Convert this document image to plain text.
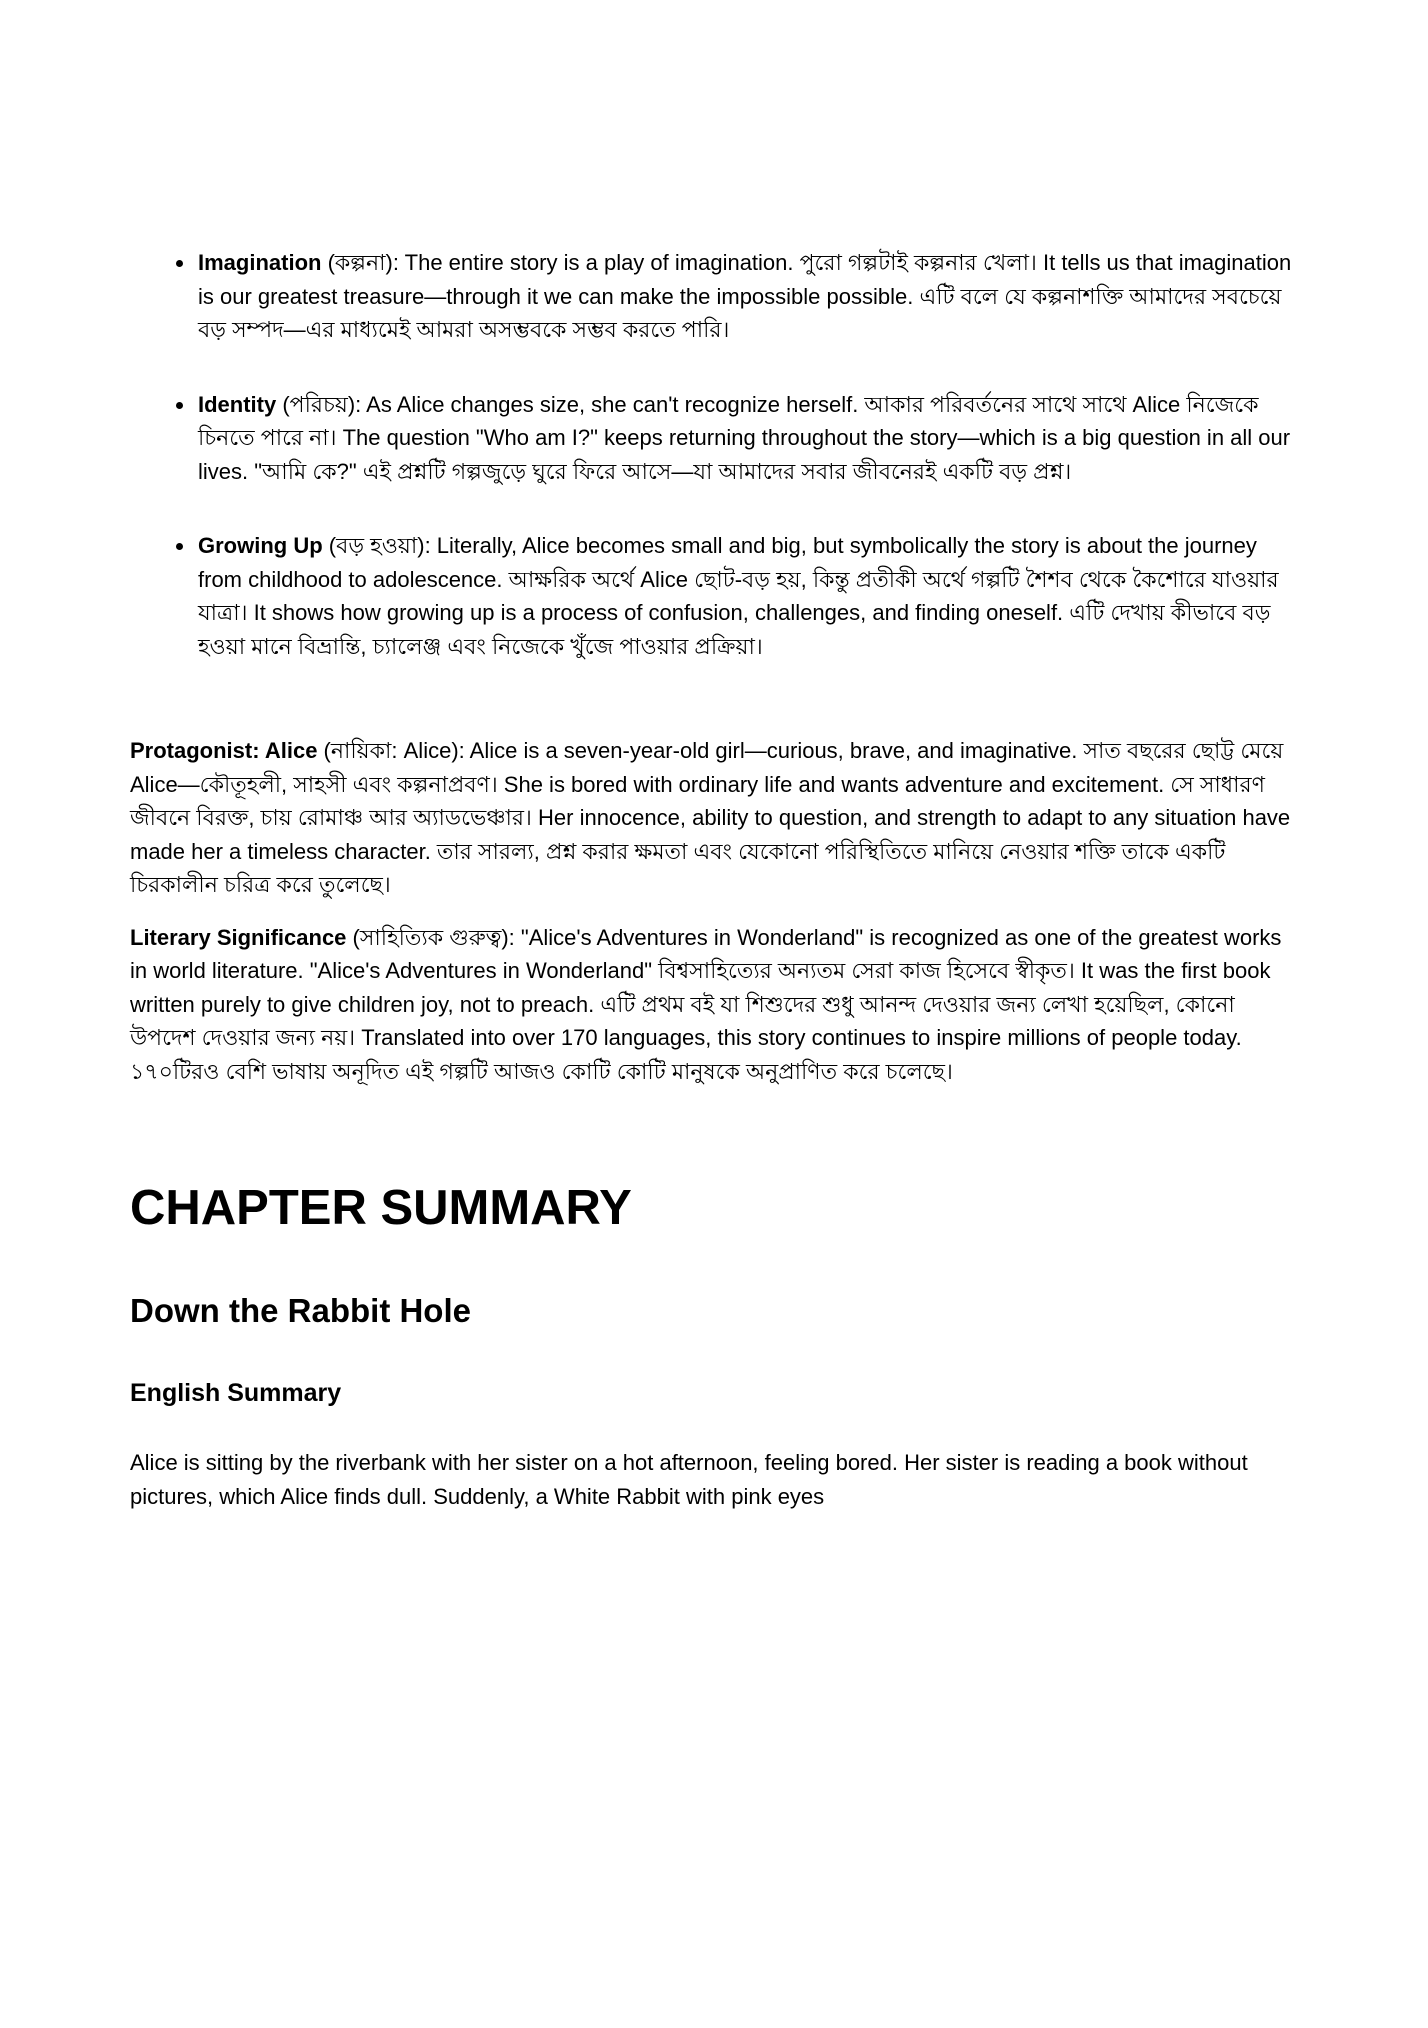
• Imagination (কল্পনা): The entire story is a play of imagination. পুরো গল্পটাই কল্পনার খেলা। It tells us that imagination is our greatest treasure—through it we can make the impossible possible. এটি বলে যে কল্পনাশক্তি আমাদের সবচেয়ে বড় সম্পদ—এর মাধ্যমেই আমরা অসম্ভবকে সম্ভব করতে পারি।
• Identity (পরিচয়): As Alice changes size, she can't recognize herself. আকার পরিবর্তনের সাথে সাথে Alice নিজেকে চিনতে পারে না। The question "Who am I?" keeps returning throughout the story—which is a big question in all our lives. "আমি কে?" এই প্রশ্নটি গল্পজুড়ে ঘুরে ফিরে আসে—যা আমাদের সবার জীবনেরই একটি বড় প্রশ্ন।
• Growing Up (বড় হওয়া): Literally, Alice becomes small and big, but symbolically the story is about the journey from childhood to adolescence. আক্ষরিক অর্থে Alice ছোট-বড় হয়, কিন্তু প্রতীকী অর্থে গল্পটি শৈশব থেকে কৈশোরে যাওয়ার যাত্রা। It shows how growing up is a process of confusion, challenges, and finding oneself. এটি দেখায় কীভাবে বড় হওয়া মানে বিভ্রান্তি, চ্যালেঞ্জ এবং নিজেকে খুঁজে পাওয়ার প্রক্রিয়া।

Protagonist: Alice (নায়িকা: Alice): Alice is a seven-year-old girl—curious, brave, and imaginative. সাত বছরের ছোট্ট মেয়ে Alice—কৌতূহলী, সাহসী এবং কল্পনাপ্রবণ। She is bored with ordinary life and wants adventure and excitement. সে সাধারণ জীবনে বিরক্ত, চায় রোমাঞ্চ আর অ্যাডভেঞ্চার। Her innocence, ability to question, and strength to adapt to any situation have made her a timeless character. তার সারল্য, প্রশ্ন করার ক্ষমতা এবং যেকোনো পরিস্থিতিতে মানিয়ে নেওয়ার শক্তি তাকে একটি চিরকালীন চরিত্র করে তুলেছে।

Literary Significance (সাহিত্যিক গুরুত্ব): "Alice's Adventures in Wonderland" is recognized as one of the greatest works in world literature. "Alice's Adventures in Wonderland" বিশ্বসাহিত্যের অন্যতম সেরা কাজ হিসেবে স্বীকৃত। It was the first book written purely to give children joy, not to preach. এটি প্রথম বই যা শিশুদের শুধু আনন্দ দেওয়ার জন্য লেখা হয়েছিল, কোনো উপদেশ দেওয়ার জন্য নয়। Translated into over 170 languages, this story continues to inspire millions of people today. ১৭০টিরও বেশি ভাষায় অনূদিত এই গল্পটি আজও কোটি কোটি মানুষকে অনুপ্রাণিত করে চলেছে।

CHAPTER SUMMARY
Down the Rabbit Hole
English Summary

Alice is sitting by the riverbank with her sister on a hot afternoon, feeling bored. Her sister is reading a book without pictures, which Alice finds dull. Suddenly, a White Rabbit with pink eyes
